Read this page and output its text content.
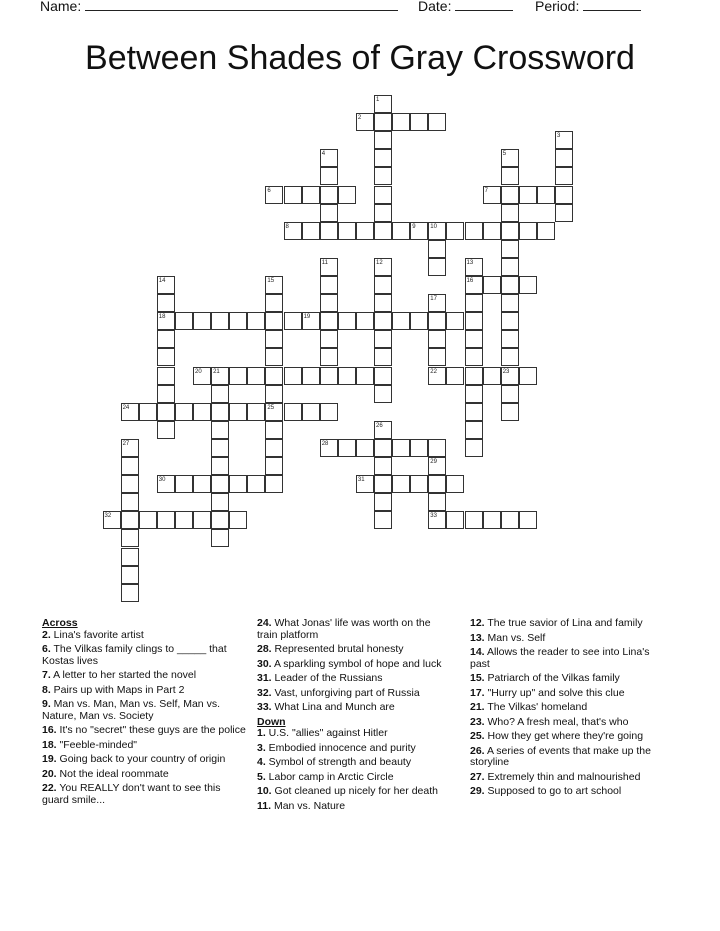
Name:	Date:	Period:
Between Shades of Gray Crossword
1
2
3
4	5
6	7
8	9 10
11	12	13
14	15	16
17
18	19
20 21	22	23
24	25
26
27	28
29
30	31
32	33
Across
2. Lina's favorite artist
6. The Vilkas family clings to _____ that Kostas lives
7. A letter to her started the novel
8. Pairs up with Maps in Part 2
9. Man vs. Man, Man vs. Self, Man vs. Nature, Man vs. Society
16. It's no "secret" these guys are the police
18. "Feeble-minded"
19. Going back to your country of origin
20. Not the ideal roommate
22. You REALLY don't want to see this guard smile...
24. What Jonas' life was worth on the train platform
28. Represented brutal honesty
30. A sparkling symbol of hope and luck
31. Leader of the Russians
32. Vast, unforgiving part of Russia
33. What Lina and Munch are
Down
1. U.S. "allies" against Hitler
3. Embodied innocence and purity
4. Symbol of strength and beauty
5. Labor camp in Arctic Circle
10. Got cleaned up nicely for her death
11. Man vs. Nature
12. The true savior of Lina and family
13. Man vs. Self
14. Allows the reader to see into Lina's past
15. Patriarch of the Vilkas family
17. "Hurry up" and solve this clue
21. The Vilkas' homeland
23. Who? A fresh meal, that's who
25. How they get where they're going
26. A series of events that make up the storyline
27. Extremely thin and malnourished
29. Supposed to go to art school
